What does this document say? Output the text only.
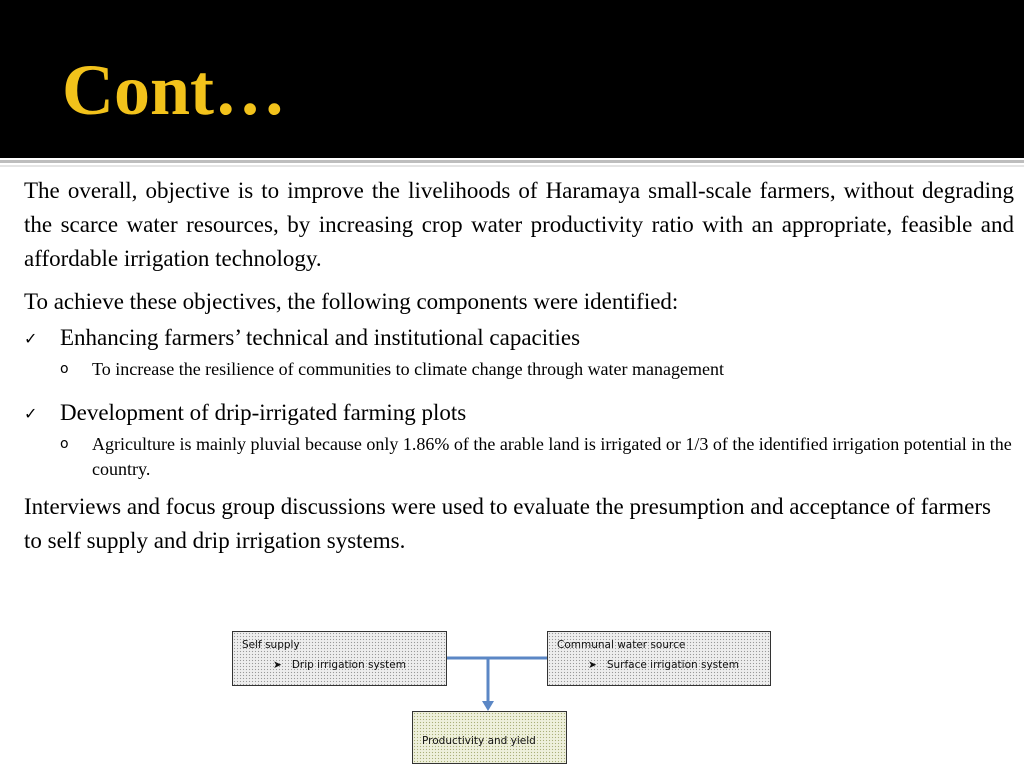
Cont…

The overall, objective is to improve the livelihoods of Haramaya small-scale farmers, without degrading the scarce water resources, by increasing crop water productivity ratio with an appropriate, feasible and affordable irrigation technology.

To achieve these objectives, the following components were identified:

✓ Enhancing farmers’ technical and institutional capacities
o To increase the resilience of communities to climate change through water management
✓ Development of drip-irrigated farming plots
o Agriculture is mainly pluvial because only 1.86% of the arable land is irrigated or 1/3 of the identified irrigation potential in the country.

Interviews and focus group discussions were used to evaluate the presumption and acceptance of farmers to self supply and drip irrigation systems.

Self supply
➤ Drip irrigation system
Communal water source
➤ Surface irrigation system
Productivity and yield
